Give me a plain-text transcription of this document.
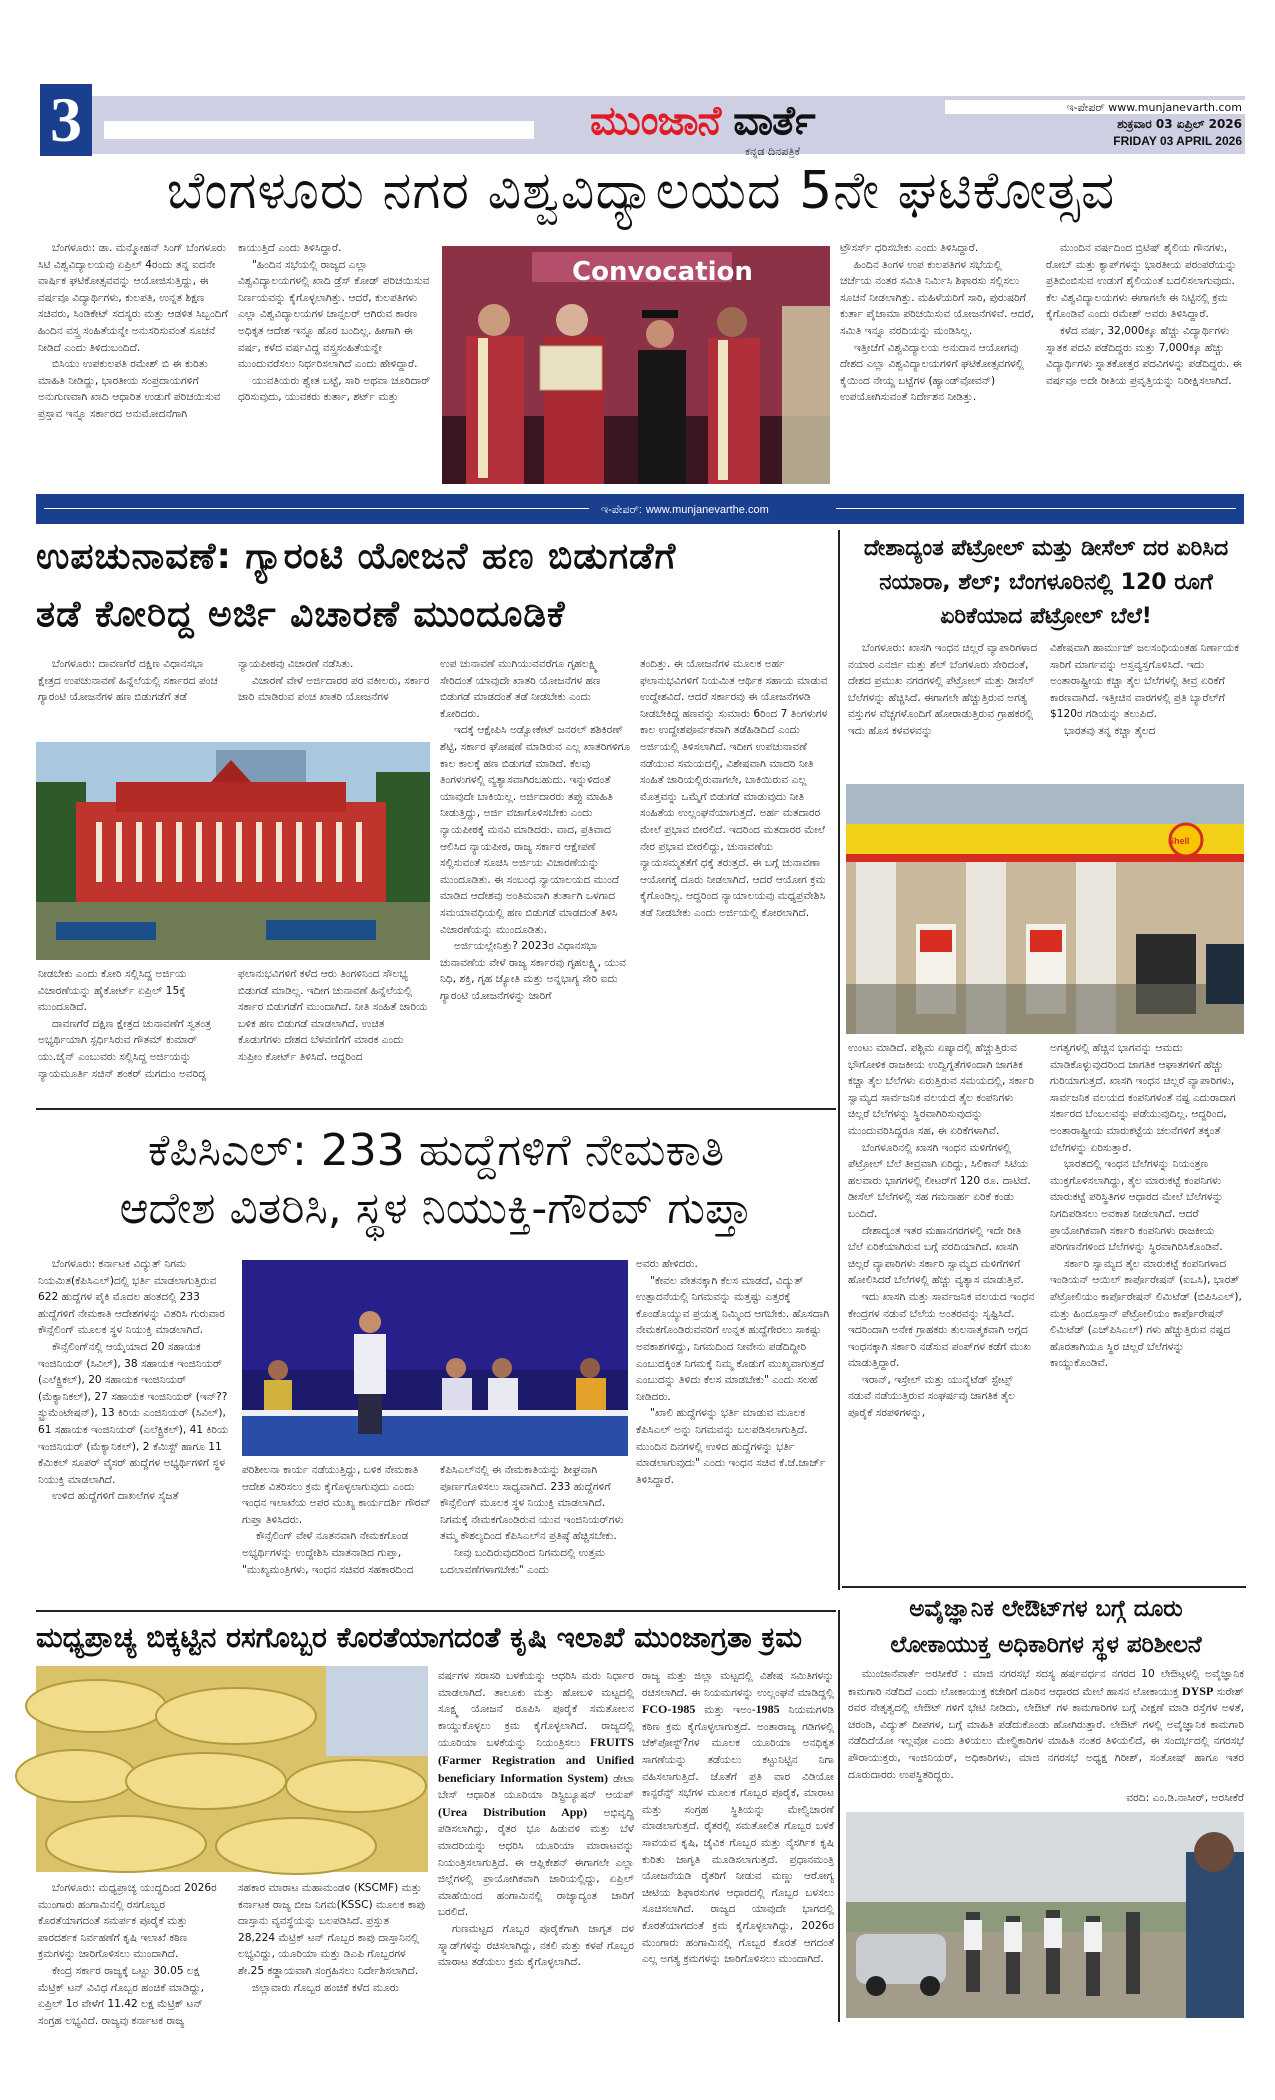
3	ಮುಂಜಾನೆ ವಾರ್ತೆ
ಕನ್ನಡ ದಿನಪತ್ರಿಕೆ
ಇ-ಪೇಪರ್ www.munjanevarth.com
ಶುಕ್ರವಾರ 03 ಏಪ್ರಿಲ್ 2026
FRIDAY 03 APRIL 2026
ಬೆಂಗಳೂರು ನಗರ ವಿಶ್ವವಿದ್ಯಾಲಯದ 5ನೇ ಘಟಿಕೋತ್ಸವ

ಬೆಂಗಳೂರು: ಡಾ. ಮನ್ಮೋಹನ್ ಸಿಂಗ್ ಬೆಂಗಳೂರು ಸಿಟಿ ವಿಶ್ವವಿದ್ಯಾಲಯವು ಏಪ್ರಿಲ್ 4ರಂದು ತನ್ನ ಐದನೇ ವಾರ್ಷಿಕ ಘಟಿಕೋತ್ಸವವನ್ನು ಆಯೋಜಿಸುತ್ತಿದ್ದು, ಈ ವರ್ಷವೂ ವಿದ್ಯಾರ್ಥಿಗಳು, ಕುಲಪತಿ, ಉನ್ನತ ಶಿಕ್ಷಣ ಸಚಿವರು, ಸಿಂಡಿಕೇಟ್ ಸದಸ್ಯರು ಮತ್ತು ಆಡಳಿತ ಸಿಬ್ಬಂದಿಗೆ ಹಿಂದಿನ ವಸ್ತ್ರ ಸಂಹಿತೆಯನ್ನೇ ಅನುಸರಿಸುವಂತೆ ಸೂಚನೆ ನೀಡಿದೆ ಎಂದು ತಿಳಿದುಬಂದಿದೆ.

ಬಿಸಿಯು ಉಪಕುಲಪತಿ ರಮೇಶ್ ಬಿ ಈ ಕುರಿತು ಮಾಹಿತಿ ನೀಡಿದ್ದು, ಭಾರತೀಯ ಸಂಪ್ರದಾಯಗಳಿಗೆ ಅನುಗುಣವಾಗಿ ಖಾದಿ ಆಧಾರಿತ ಉಡುಗೆ ಪರಿಚಯಿಸುವ ಪ್ರಸ್ತಾವ ಇನ್ನೂ ಸರ್ಕಾರದ ಅನುಮೋದನೆಗಾಗಿ

ಕಾಯುತ್ತಿದೆ ಎಂದು ತಿಳಿಸಿದ್ದಾರೆ.

"ಹಿಂದಿನ ಸಭೆಯಲ್ಲಿ ರಾಜ್ಯದ ಎಲ್ಲಾ ವಿಶ್ವವಿದ್ಯಾಲಯಗಳಲ್ಲಿ ಖಾದಿ ಡ್ರೆಸ್ ಕೋಡ್ ಪರಿಚಯಿಸುವ ನಿರ್ಣಯವನ್ನು ಕೈಗೊಳ್ಳಲಾಗಿತ್ತು. ಆದರೆ, ಕುಲಪತಿಗಳು ಎಲ್ಲಾ ವಿಶ್ವವಿದ್ಯಾಲಯಗಳ ಚಾನ್ಸಲರ್ ಆಗಿರುವ ಕಾರಣ ಅಧಿಕೃತ ಆದೇಶ ಇನ್ನೂ ಹೊರ ಬಂದಿಲ್ಲ. ಹೀಗಾಗಿ ಈ ವರ್ಷ, ಕಳೆದ ವರ್ಷವಿದ್ದ ವಸ್ತ್ರಸಂಹಿತೆಯನ್ನೇ ಮುಂದುವರೆಸಲು ನಿರ್ಧರಿಸಲಾಗಿದೆ ಎಂದು ಹೇಳಿದ್ದಾರೆ.

ಯುವತಿಯರು ಶ್ವೇತ ಬಟ್ಟೆ, ಸಾರಿ ಅಥವಾ ಚೂರಿದಾರ್ ಧರಿಸುವುದು, ಯುವಕರು ಕುರ್ತಾ, ಶರ್ಟ್ ಮತ್ತು

Convocation

ಟ್ರೌಸರ್ಸ್ ಧರಿಸಬೇಕು ಎಂದು ತಿಳಿಸಿದ್ದಾರೆ.

ಹಿಂದಿನ ತಿಂಗಳ ಉಪ ಕುಲಪತಿಗಳ ಸಭೆಯಲ್ಲಿ ಚರ್ಚೆಯ ನಂತರ ಸಮಿತಿ ನಿರ್ಮಿಸಿ ಶಿಫಾರಸು ಸಲ್ಲಿಸಲು ಸೂಚನೆ ನೀಡಲಾಗಿತ್ತು. ಮಹಿಳೆಯರಿಗೆ ಸಾರಿ, ಪುರುಷರಿಗೆ ಕುರ್ತಾ ಪೈಜಾಮಾ ಪರಿಚಯಿಸುವ ಯೋಜನೆಗಳಿವೆ. ಆದರೆ, ಸಮಿತಿ ಇನ್ನೂ ವರದಿಯನ್ನು ಮಂಡಿಸಿಲ್ಲ.

ಇತ್ತೀಚೆಗೆ ವಿಶ್ವವಿದ್ಯಾಲಯ ಅನುದಾನ ಆಯೋಗವು ದೇಶದ ಎಲ್ಲಾ ವಿಶ್ವವಿದ್ಯಾಲಯಗಳಿಗೆ ಘಟಿಕೋತ್ಸವಗಳಲ್ಲಿ ಕೈಯಿಂದ ನೇಯ್ದ ಬಟ್ಟೆಗಳ (ಹ್ಯಾಂಡ್‌ವೋವನ್) ಉಪಯೋಗಿಸುವಂತೆ ನಿರ್ದೇಶನ ನೀಡಿತ್ತು.

ಮುಂದಿನ ವರ್ಷದಿಂದ ಬ್ರಿಟಿಷ್ ಶೈಲಿಯ ಗೌನಗಳು, ರೋಬ್ ಮತ್ತು ಕ್ಯಾಪ್‌ಗಳನ್ನು ಭಾರತೀಯ ಪರಂಪರೆಯನ್ನು ಪ್ರತಿಬಿಂಬಿಸುವ ಉಡುಗೆ ಶೈಲಿಯಂತೆ ಬದಲಿಸಲಾಗುವುದು. ಕೆಲ ವಿಶ್ವವಿದ್ಯಾಲಯಗಳು ಈಗಾಗಲೇ ಈ ನಿಟ್ಟಿನಲ್ಲಿ ಕ್ರಮ ಕೈಗೊಂಡಿವೆ ಎಂದು ರಮೇಶ್ ಅವರು ತಿಳಿಸಿದ್ದಾರೆ.

ಕಳೆದ ವರ್ಷ, 32,000ಕ್ಕೂ ಹೆಚ್ಚು ವಿದ್ಯಾರ್ಥಿಗಳು ಸ್ನಾತಕ ಪದವಿ ಪಡೆದಿದ್ದರು ಮತ್ತು 7,000ಕ್ಕೂ ಹೆಚ್ಚು ವಿದ್ಯಾರ್ಥಿಗಳು ಸ್ನಾತಕೋತ್ತರ ಪದವಿಗಳನ್ನು ಪಡೆದಿದ್ದರು. ಈ ವರ್ಷವೂ ಅದೇ ರೀತಿಯ ಪ್ರವೃತ್ತಿಯನ್ನು ನಿರೀಕ್ಷಿಸಲಾಗಿದೆ.

ಇ-ಪೇಪರ್: www.munjanevarthe.com
ಉಪಚುನಾವಣೆ: ಗ್ಯಾರಂಟಿ ಯೋಜನೆ ಹಣ ಬಿಡುಗಡೆಗೆ
ತಡೆ ಕೋರಿದ್ದ ಅರ್ಜಿ ವಿಚಾರಣೆ ಮುಂದೂಡಿಕೆ

ಬೆಂಗಳೂರು: ದಾವಣಗೆರೆ ದಕ್ಷಿಣ ವಿಧಾನಸಭಾ ಕ್ಷೇತ್ರದ ಉಪಚುನಾವಣೆ ಹಿನ್ನೆಲೆಯಲ್ಲಿ ಸರ್ಕಾರದ ಪಂಚ ಗ್ಯಾರಂಟಿ ಯೋಜನೆಗಳ ಹಣ ಬಿಡುಗಡೆಗೆ ತಡೆ

ನ್ಯಾಯಪೀಠವು ವಿಚಾರಣೆ ನಡೆಸಿತು.

ವಿಚಾರಣೆ ವೇಳೆ ಅರ್ಜಿದಾರರ ಪರ ವಕೀಲರು, ಸರ್ಕಾರ ಜಾರಿ ಮಾಡಿರುವ ಪಂಚ ಖಾತರಿ ಯೋಜನೆಗಳ

ನೀಡಬೇಕು ಎಂದು ಕೋರಿ ಸಲ್ಲಿಸಿದ್ದ ಅರ್ಜಿಯ ವಿಚಾರಣೆಯನ್ನು ಹೈಕೋರ್ಟ್ ಏಪ್ರಿಲ್ 15ಕ್ಕೆ ಮುಂದೂಡಿದೆ.

ದಾವಣಗೆರೆ ದಕ್ಷಿಣ ಕ್ಷೇತ್ರದ ಚುನಾವಣೆಗೆ ಸ್ವತಂತ್ರ ಅಭ್ಯರ್ಥಿಯಾಗಿ ಸ್ಪರ್ಧಿಸಿರುವ ಗೌತಮ್ ಕುಮಾರ್ ಯು.ಜೈನ್ ಎಂಬುವರು ಸಲ್ಲಿಸಿದ್ದ ಅರ್ಜಿಯನ್ನು ನ್ಯಾಯಮೂರ್ತಿ ಸಚಿನ್ ಶಂಕರ್ ಮಗದುಂ ಅವರಿದ್ದ

ಫಲಾನುಭವಿಗಳಿಗೆ ಕಳೆದ ಆರು ತಿಂಗಳಿನಿಂದ ಸೌಲಭ್ಯ ಬಿಡುಗಡೆ ಮಾಡಿಲ್ಲ. ಇದೀಗ ಚುನಾವಣೆ ಹಿನ್ನೆಲೆಯಲ್ಲಿ ಸರ್ಕಾರ ಬಿಡುಗಡೆಗೆ ಮುಂದಾಗಿದೆ. ನೀತಿ ಸಂಹಿತೆ ಜಾರಿಯ ಬಳಿಕ ಹಣ ಬಿಡುಗಡೆ ಮಾಡಲಾಗಿದೆ. ಉಚಿತ ಕೊಡುಗೆಗಳು ದೇಶದ ಬೆಳವಣಿಗೆಗೆ ಮಾರಕ ಎಂದು ಸುಪ್ರೀಂ ಕೋರ್ಟ್ ತಿಳಿಸಿದೆ. ಆದ್ದರಿಂದ

ಉಪ ಚುನಾವಣೆ ಮುಗಿಯುವವರೆಗೂ ಗೃಹಲಕ್ಷ್ಮಿ ಸೇರಿದಂತೆ ಯಾವುದೇ ಖಾತರಿ ಯೋಜನೆಗಳ ಹಣ ಬಿಡುಗಡೆ ಮಾಡದಂತೆ ತಡೆ ನೀಡಬೇಕು ಎಂದು ಕೋರಿದರು.

ಇದಕ್ಕೆ ಆಕ್ಷೇಪಿಸಿ ಅಡ್ವೋಕೇಟ್ ಜನರಲ್ ಶಶಿಕಿರಣ್ ಶೆಟ್ಟಿ, ಸರ್ಕಾರ ಘೋಷಣೆ ಮಾಡಿರುವ ಎಲ್ಲ ಖಾತರಿಗಳಿಗೂ ಕಾಲ ಕಾಲಕ್ಕೆ ಹಣ ಬಿಡುಗಡೆ ಮಾಡಿದೆ. ಕೆಲವು ತಿಂಗಳುಗಳಲ್ಲಿ ವ್ಯತ್ಯಾಸವಾಗಿರಬಹುದು. ಇನ್ನುಳಿದಂತೆ ಯಾವುದೇ ಬಾಕಿಯಿಲ್ಲ. ಅರ್ಜಿದಾರರು ತಪ್ಪು ಮಾಹಿತಿ ನೀಡುತ್ತಿದ್ದು, ಅರ್ಜಿ ವಜಾಗೊಳಿಸಬೇಕು ಎಂದು ನ್ಯಾಯಪೀಠಕ್ಕೆ ಮನವಿ ಮಾಡಿದರು. ವಾದ, ಪ್ರತಿವಾದ ಆಲಿಸಿದ ನ್ಯಾಯಪೀಠ, ರಾಜ್ಯ ಸರ್ಕಾರ ಆಕ್ಷೇಪಣೆ ಸಲ್ಲಿಸುವಂತೆ ಸೂಚಿಸಿ ಅರ್ಜಿಯ ವಿಚಾರಣೆಯನ್ನು ಮುಂದೂಡಿತು. ಈ ಸಂಬಂಧ ನ್ಯಾಯಾಲಯದ ಮುಂದೆ ಮಾಡಿದ ಆದೇಶವು ಅಂತಿಮವಾಗಿ ತುರ್ತಾಗಿ ಒಳಗಾದ ಸಮಯಾವಧಿಯಲ್ಲಿ ಹಣ ಬಿಡುಗಡೆ ಮಾಡದಂತೆ ತಿಳಿಸಿ ವಿಚಾರಣೆಯನ್ನು ಮುಂದೂಡಿತು.

ಅರ್ಜಿಯಲ್ಲೇನಿತ್ತು? 2023ರ ವಿಧಾನಸಭಾ ಚುನಾವಣೆಯ ವೇಳೆ ರಾಜ್ಯ ಸರ್ಕಾರವು ಗೃಹಲಕ್ಷ್ಮಿ, ಯುವ ನಿಧಿ, ಶಕ್ತಿ, ಗೃಹ ಜ್ಯೋತಿ ಮತ್ತು ಅನ್ನಭಾಗ್ಯ ಸೇರಿ ಐದು ಗ್ಯಾರಂಟಿ ಯೋಜನೆಗಳನ್ನು ಜಾರಿಗೆ

ತಂದಿತ್ತು. ಈ ಯೋಜನೆಗಳ ಮೂಲಕ ಅರ್ಹ ಫಲಾನುಭವಿಗಳಿಗೆ ನಿಯಮಿತ ಆರ್ಥಿಕ ಸಹಾಯ ಮಾಡುವ ಉದ್ದೇಶವಿದೆ. ಆದರೆ ಸರ್ಕಾರವು ಈ ಯೋಜನೆಗಳಡಿ ನೀಡಬೇಕಿದ್ದ ಹಣವನ್ನು ಸುಮಾರು 6ರಿಂದ 7 ತಿಂಗಳುಗಳ ಕಾಲ ಉದ್ದೇಶಪೂರ್ವಕವಾಗಿ ತಡೆಹಿಡಿದಿದೆ ಎಂದು ಅರ್ಜಿಯಲ್ಲಿ ತಿಳಿಸಲಾಗಿದೆ. ಇದೀಗ ಉಪಚುನಾವಣೆ ನಡೆಯುವ ಸಮಯದಲ್ಲಿ, ವಿಶೇಷವಾಗಿ ಮಾದರಿ ನೀತಿ ಸಂಹಿತೆ ಜಾರಿಯಲ್ಲಿರುವಾಗಲೇ, ಬಾಕಿಯಿರುವ ಎಲ್ಲ ಮೊತ್ತವನ್ನು ಒಮ್ಮೆಗೆ ಬಿಡುಗಡೆ ಮಾಡುವುದು ನೀತಿ ಸಂಹಿತೆಯ ಉಲ್ಲಂಘನೆಯಾಗುತ್ತದೆ. ಅರ್ಹ ಮತದಾರರ ಮೇಲೆ ಪ್ರಭಾವ ಬೀರಲಿದೆ. ಇದರಿಂದ ಮತದಾರರ ಮೇಲೆ ನೇರ ಪ್ರಭಾವ ಬೀರಲಿದ್ದು, ಚುನಾವಣೆಯ ನ್ಯಾಯಸಮ್ಮತತೆಗೆ ಧಕ್ಕೆ ತರುತ್ತದೆ. ಈ ಬಗ್ಗೆ ಚುನಾವಣಾ ಆಯೋಗಕ್ಕೆ ದೂರು ನೀಡಲಾಗಿದೆ. ಆದರೆ ಆಯೋಗ ಕ್ರಮ ಕೈಗೊಂಡಿಲ್ಲ. ಆದ್ದರಿಂದ ನ್ಯಾಯಾಲಯವು ಮಧ್ಯಪ್ರವೇಶಿಸಿ ತಡೆ ನೀಡಬೇಕು ಎಂದು ಅರ್ಜಿಯಲ್ಲಿ ಕೋರಲಾಗಿದೆ.

ದೇಶಾದ್ಯಂತ ಪೆಟ್ರೋಲ್ ಮತ್ತು ಡೀಸೆಲ್ ದರ ಏರಿಸಿದ ನಯಾರಾ, ಶೆಲ್; ಬೆಂಗಳೂರಿನಲ್ಲಿ 120 ರೂಗೆ ಏರಿಕೆಯಾದ ಪೆಟ್ರೋಲ್ ಬೆಲೆ!

ಬೆಂಗಳೂರು: ಖಾಸಗಿ ಇಂಧನ ಚಿಲ್ಲರೆ ವ್ಯಾಪಾರಿಗಳಾದ ನಯಾರ ಎನರ್ಜಿ ಮತ್ತು ಶೆಲ್ ಬೆಂಗಳೂರು ಸೇರಿದಂತೆ, ದೇಶದ ಪ್ರಮುಖ ನಗರಗಳಲ್ಲಿ ಪೆಟ್ರೋಲ್ ಮತ್ತು ಡೀಸೆಲ್ ಬೆಲೆಗಳನ್ನು ಹೆಚ್ಚಿಸಿದೆ. ಈಗಾಗಲೇ ಹೆಚ್ಚುತ್ತಿರುವ ಅಗತ್ಯ ವಸ್ತುಗಳ ವೆಚ್ಚಗಳೊಂದಿಗೆ ಹೋರಾಡುತ್ತಿರುವ ಗ್ರಾಹಕರಲ್ಲಿ ಇದು ಹೊಸ ಕಳವಳವನ್ನು

ವಿಶೇಷವಾಗಿ ಹಾರ್ಮುಜ್ ಜಲಸಂಧಿಯಂತಹ ನಿರ್ಣಾಯಕ ಸಾರಿಗೆ ಮಾರ್ಗವನ್ನು ಅಸ್ತವ್ಯಸ್ತಗೊಳಿಸಿದೆ. ಇದು ಅಂತಾರಾಷ್ಟ್ರೀಯ ಕಚ್ಚಾ ತೈಲ ಬೆಲೆಗಳಲ್ಲಿ ತೀವ್ರ ಏರಿಕೆಗೆ ಕಾರಣವಾಗಿದೆ. ಇತ್ತೀಚಿನ ವಾರಗಳಲ್ಲಿ ಪ್ರತಿ ಬ್ಯಾರೆಲ್‌ಗೆ $120ರ ಗಡಿಯನ್ನು ತಲುಪಿದೆ.

ಭಾರತವು ತನ್ನ ಕಚ್ಚಾ ತೈಲದ

Shell

ಉಂಟು ಮಾಡಿದೆ. ಪಶ್ಚಿಮ ಏಷ್ಯಾದಲ್ಲಿ ಹೆಚ್ಚುತ್ತಿರುವ ಭೌಗೋಳಿಕ ರಾಜಕೀಯ ಉದ್ವಿಗ್ನತೆಗಳಿಂದಾಗಿ ಜಾಗತಿಕ ಕಚ್ಚಾ ತೈಲ ಬೆಲೆಗಳು ಏರುತ್ತಿರುವ ಸಮಯದಲ್ಲಿ, ಸರ್ಕಾರಿ ಸ್ವಾಮ್ಯದ ಸಾರ್ವಜನಿಕ ವಲಯದ ತೈಲ ಕಂಪನಿಗಳು ಚಿಲ್ಲರೆ ಬೆಲೆಗಳನ್ನು ಸ್ಥಿರವಾಗಿರಿಸುವುದನ್ನು ಮುಂದುವರಿಸಿದ್ದರೂ ಸಹ, ಈ ಏರಿಕೆಗಳಾಗಿವೆ.

ಬೆಂಗಳೂರಿನಲ್ಲಿ ಖಾಸಗಿ ಇಂಧನ ಮಳಿಗೆಗಳಲ್ಲಿ ಪೆಟ್ರೋಲ್ ಬೆಲೆ ತೀವ್ರವಾಗಿ ಏರಿದ್ದು, ಸಿಲಿಕಾನ್ ಸಿಟಿಯ ಹಲವಾರು ಭಾಗಗಳಲ್ಲಿ ಲೀಟರ್‌ಗೆ 120 ರೂ. ದಾಟಿದೆ. ಡೀಸೆಲ್ ಬೆಲೆಗಳಲ್ಲಿ ಸಹ ಗಮನಾರ್ಹ ಏರಿಕೆ ಕಂಡು ಬಂದಿದೆ.

ದೇಶಾದ್ಯಂತ ಇತರ ಮಹಾನಗರಗಳಲ್ಲಿ ಇದೇ ರೀತಿ ಬೆಲೆ ಏರಿಕೆಯಾಗಿರುವ ಬಗ್ಗೆ ವರದಿಯಾಗಿದೆ. ಖಾಸಗಿ ಚಿಲ್ಲರೆ ವ್ಯಾಪಾರಿಗಳು ಸರ್ಕಾರಿ ಸ್ವಾಮ್ಯದ ಮಳಿಗೆಗಳಿಗೆ ಹೋಲಿಸಿದರೆ ಬೆಲೆಗಳಲ್ಲಿ ಹೆಚ್ಚು ವ್ಯತ್ಯಾಸ ಮಾಡುತ್ತಿವೆ.

ಇದು ಖಾಸಗಿ ಮತ್ತು ಸಾರ್ವಜನಿಕ ವಲಯದ ಇಂಧನ ಕೇಂದ್ರಗಳ ನಡುವೆ ಬೆಲೆಯ ಅಂತರವನ್ನು ಸೃಷ್ಟಿಸಿದೆ. ಇದರಿಂದಾಗಿ ಅನೇಕ ಗ್ರಾಹಕರು ತುಲನಾತ್ಮಕವಾಗಿ ಅಗ್ಗದ ಇಂಧನಕ್ಕಾಗಿ ಸರ್ಕಾರಿ ನಡೆಸುವ ಪಂಪ್‌ಗಳ ಕಡೆಗೆ ಮುಖ ಮಾಡುತ್ತಿದ್ದಾರೆ.

ಇರಾನ್, ಇಸ್ರೇಲ್ ಮತ್ತು ಯುನೈಟೆಡ್ ಸ್ಟೇಟ್ಸ್ ನಡುವೆ ನಡೆಯುತ್ತಿರುವ ಸಂಘರ್ಷವು ಜಾಗತಿಕ ತೈಲ ಪೂರೈಕೆ ಸರಪಳಿಗಳನ್ನು,

ಅಗತ್ಯಗಳಲ್ಲಿ ಹೆಚ್ಚಿನ ಭಾಗವನ್ನು ಆಮದು ಮಾಡಿಕೊಳ್ಳುವುದರಿಂದ ಜಾಗತಿಕ ಆಘಾತಗಳಿಗೆ ಹೆಚ್ಚು ಗುರಿಯಾಗುತ್ತದೆ. ಖಾಸಗಿ ಇಂಧನ ಚಿಲ್ಲರೆ ವ್ಯಾಪಾರಿಗಳು, ಸಾರ್ವಜನಿಕ ವಲಯದ ಕಂಪನಿಗಳಂತೆ ನಷ್ಟ ಎದುರಾದಾಗ ಸರ್ಕಾರದ ಬೆಂಬಲವನ್ನು ಪಡೆಯುವುದಿಲ್ಲ. ಆದ್ದರಿಂದ, ಅಂತಾರಾಷ್ಟ್ರೀಯ ಮಾರುಕಟ್ಟೆಯ ಚಲನೆಗಳಿಗೆ ತಕ್ಕಂತೆ ಬೆಲೆಗಳನ್ನು ಏರಿಸುತ್ತಾರೆ.

ಭಾರತದಲ್ಲಿ ಇಂಧನ ಬೆಲೆಗಳನ್ನು ನಿಯಂತ್ರಣ ಮುಕ್ತಗೊಳಿಸಲಾಗಿದ್ದು, ತೈಲ ಮಾರುಕಟ್ಟೆ ಕಂಪನಿಗಳು ಮಾರುಕಟ್ಟೆ ಪರಿಸ್ಥಿತಿಗಳ ಆಧಾರದ ಮೇಲೆ ಬೆಲೆಗಳನ್ನು ನಿಗದಿಪಡಿಸಲು ಅವಕಾಶ ನೀಡಲಾಗಿದೆ. ಆದರೆ ಪ್ರಾಯೋಗಿಕವಾಗಿ ಸರ್ಕಾರಿ ಕಂಪನಿಗಳು ರಾಜಕೀಯ ಪರಿಗಣನೆಗಳಿಂದ ಬೆಲೆಗಳನ್ನು ಸ್ಥಿರವಾಗಿರಿಸಿಕೊಂಡಿವೆ.

ಸರ್ಕಾರಿ ಸ್ವಾಮ್ಯದ ತೈಲ ಮಾರುಕಟ್ಟೆ ಕಂಪನಿಗಳಾದ ಇಂಡಿಯನ್ ಆಯಿಲ್ ಕಾರ್ಪೊರೇಷನ್ (ಐಒಸಿ), ಭಾರತ್ ಪೆಟ್ರೋಲಿಯಂ ಕಾರ್ಪೊರೇಷನ್ ಲಿಮಿಟೆಡ್ (ಬಿಪಿಸಿಎಲ್), ಮತ್ತು ಹಿಂದೂಸ್ತಾನ್ ಪೆಟ್ರೋಲಿಯಂ ಕಾರ್ಪೊರೇಷನ್ ಲಿಮಿಟೆಡ್ (ಎಚ್‌ಪಿಸಿಎಲ್) ಗಳು ಹೆಚ್ಚುತ್ತಿರುವ ನಷ್ಟದ ಹೊರತಾಗಿಯೂ ಸ್ಥಿರ ಚಿಲ್ಲರೆ ಬೆಲೆಗಳನ್ನು ಕಾಯ್ದುಕೊಂಡಿವೆ.

ಕೆಪಿಸಿಎಲ್: 233 ಹುದ್ದೆಗಳಿಗೆ ನೇಮಕಾತಿ
ಆದೇಶ ವಿತರಿಸಿ, ಸ್ಥಳ ನಿಯುಕ್ತಿ-ಗೌರವ್ ಗುಪ್ತಾ

ಬೆಂಗಳೂರು: ಕರ್ನಾಟಕ ವಿದ್ಯುತ್ ನಿಗಮ ನಿಯಮಿತ(ಕೆಪಿಸಿಎಲ್)ದಲ್ಲಿ ಭರ್ತಿ ಮಾಡಲಾಗುತ್ತಿರುವ 622 ಹುದ್ದೆಗಳ ಪೈಕಿ ಮೊದಲ ಹಂತದಲ್ಲಿ 233 ಹುದ್ದೆಗಳಿಗೆ ನೇಮಕಾತಿ ಆದೇಶಗಳನ್ನು ವಿತರಿಸಿ ಗುರುವಾರ ಕೌನ್ಸೆಲಿಂಗ್ ಮೂಲಕ ಸ್ಥಳ ನಿಯುಕ್ತಿ ಮಾಡಲಾಗಿದೆ.

ಕೌನ್ಸೆಲಿಂಗ್‌ನಲ್ಲಿ ಆಯ್ಕೆಯಾದ 20 ಸಹಾಯಕ ಇಂಜಿನಿಯರ್ (ಸಿವಿಲ್), 38 ಸಹಾಯಕ ಇಂಜಿನಿಯರ್ (ಎಲೆಕ್ಟ್ರಿಕಲ್), 20 ಸಹಾಯಕ ಇಂಜಿನಿಯರ್ (ಮೆಕ್ಯಾನಿಕಲ್), 27 ಸಹಾಯಕ ಇಂಜಿನಿಯರ್ (ಇನ್??ಸ್ಟ್ರುಮೆಂಟೇಷನ್), 13 ಕಿರಿಯ ಎಂಜಿನಿಯರ್ (ಸಿವಿಲ್), 61 ಸಹಾಯಕ ಇಂಜಿನಿಯರ್ (ಎಲೆಕ್ಟ್ರಿಕಲ್), 41 ಕಿರಿಯ ಇಂಜಿನಿಯರ್ (ಮೆಕ್ಯಾನಿಕಲ್), 2 ಕೆಮಿಸ್ಟ್ ಹಾಗೂ 11 ಕೆಮಿಕಲ್ ಸೂಪರ್ ವೈಸರ್ ಹುದ್ದೆಗಳ ಅಭ್ಯರ್ಥಿಗಳಿಗೆ ಸ್ಥಳ ನಿಯುಕ್ತಿ ಮಾಡಲಾಗಿದೆ.

ಉಳಿದ ಹುದ್ದೆಗಳಿಗೆ ದಾಖಲೆಗಳ ಸೈಜತೆ

ಪರಿಶೀಲನಾ ಕಾರ್ಯ ನಡೆಯುತ್ತಿದ್ದು, ಬಳಿಕ ನೇಮಕಾತಿ ಆದೇಶ ವಿತರಿಸಲು ಕ್ರಮ ಕೈಗೊಳ್ಳಲಾಗುವುದು ಎಂದು ಇಂಧನ ಇಲಾಖೆಯ ಅಪರ ಮುಖ್ಯ ಕಾರ್ಯದರ್ಶಿ ಗೌರವ್ ಗುಪ್ತಾ ತಿಳಿಸಿದರು.

ಕೌನ್ಸೆಲಿಂಗ್ ವೇಳೆ ನೂತನವಾಗಿ ನೇಮಕಗೊಂಡ ಅಭ್ಯರ್ಥಿಗಳನ್ನು ಉದ್ದೇಶಿಸಿ ಮಾತನಾಡಿದ ಗುಪ್ತಾ, "ಮುಖ್ಯಮಂತ್ರಿಗಳು, ಇಂಧನ ಸಚಿವರ ಸಹಕಾರದಿಂದ

ಕೆಪಿಸಿಎಲ್‌ನಲ್ಲಿ ಈ ನೇಮಕಾತಿಯನ್ನು ಶೀಘ್ರವಾಗಿ ಪೂರ್ಣಗೊಳಿಸಲು ಸಾಧ್ಯವಾಗಿದೆ. 233 ಹುದ್ದೆಗಳಿಗೆ ಕೌನ್ಸೆಲಿಂಗ್ ಮೂಲಕ ಸ್ಥಳ ನಿಯುಕ್ತಿ ಮಾಡಲಾಗಿದೆ. ನಿಗಮಕ್ಕೆ ನೇಮಕಗೊಂಡಿರುವ ಯುವ ಇಂಜಿನಿಯರ್‌ಗಳು ತಮ್ಮ ಕೌಶಲ್ಯದಿಂದ ಕೆಪಿಸಿಎಲ್‌ನ ಪ್ರತಿಷ್ಠೆ ಹೆಚ್ಚಿಸಬೇಕು.

ನೀವು ಬಂದಿರುವುದರಿಂದ ನಿಗಮದಲ್ಲಿ ಉತ್ತಮ ಬದಲಾವಣೆಗಳಾಗಬೇಕು" ಎಂದು

ಅವರು ಹೇಳಿದರು.

"ಕೇವಲ ವೇತನಕ್ಕಾಗಿ ಕೆಲಸ ಮಾಡದೆ, ವಿದ್ಯುತ್ ಉತ್ಪಾದನೆಯಲ್ಲಿ ನಿಗಮವನ್ನು ಮತ್ತಷ್ಟು ಎತ್ತರಕ್ಕೆ ಕೊಂಡೊಯ್ಯುವ ಪ್ರಯತ್ನ ನಿಮ್ಮಿಂದ ಆಗಬೇಕು. ಹೊಸದಾಗಿ ನೇಮಕಗೊಂಡಿರುವವರಿಗೆ ಉನ್ನತ ಹುದ್ದೆಗೇರಲು ಸಾಕಷ್ಟು ಅವಕಾಶಗಳಿದ್ದು, ನಿಗಮದಿಂದ ನೀವೇನು ಪಡೆದಿದ್ದೀರಿ ಎಂಬುದಕ್ಕಿಂತ ನಿಗಮಕ್ಕೆ ನಿಮ್ಮ ಕೊಡುಗೆ ಮುಖ್ಯವಾಗುತ್ತದೆ ಎಂಬುದನ್ನು ತಿಳಿದು ಕೆಲಸ ಮಾಡಬೇಕು" ಎಂದು ಸಲಹೆ ನೀಡಿದರು.

"ಖಾಲಿ ಹುದ್ದೆಗಳನ್ನು ಭರ್ತಿ ಮಾಡುವ ಮೂಲಕ ಕೆಪಿಸಿಎಲ್ ಅನ್ನು ನಿಗಮವನ್ನು ಬಲಪಡಿಸಲಾಗುತ್ತಿದೆ. ಮುಂದಿನ ದಿನಗಳಲ್ಲಿ ಉಳಿದ ಹುದ್ದೆಗಳನ್ನು ಭರ್ತಿ ಮಾಡಲಾಗುವುದು" ಎಂದು ಇಂಧನ ಸಚಿವ ಕೆ.ಜೆ.ಜಾರ್ಜ್ ತಿಳಿಸಿದ್ದಾರೆ.

ಅವೈಜ್ಞಾನಿಕ ಲೇಔಟ್‌ಗಳ ಬಗ್ಗೆ ದೂರು
ಲೋಕಾಯುಕ್ತ ಅಧಿಕಾರಿಗಳ ಸ್ಥಳ ಪರಿಶೀಲನೆ

ಮುಂಜಾನೆವಾರ್ತೆ ಅರಸೀಕೆರೆ : ಮಾಜಿ ನಗರಸಭೆ ಸದಸ್ಯ ಹರ್ಷವರ್ಧನ ನಗರದ 10 ಲೇಔಟ್ಗಳಲ್ಲಿ ಅವೈಜ್ಞಾನಿಕ ಕಾಮಗಾರಿ ನಡೆದಿದೆ ಎಂದು ಲೋಕಾಯುಕ್ತ ಕಚೇರಿಗೆ ದೂರಿನ ಆಧಾರದ ಮೇಲೆ ಹಾಸನ ಲೋಕಾಯುಕ್ತ DYSP ಸುರೇಶ್ ರವರ ನೇತೃತ್ವದಲ್ಲಿ ಲೇಔಟ್ ಗಳಿಗೆ ಭೇಟಿ ನೀಡಿದು, ಲೇಔಟ್ ಗಳ ಕಾಮಗಾರಿಗಳ ಬಗ್ಗೆ ವೀಕ್ಷಣೆ ಮಾಡಿ ರಸ್ತೆಗಳ ಅಳತೆ, ಚರಂಡಿ, ವಿದ್ಯುತ್ ದೀಪಗಳ, ಬಗ್ಗೆ ಮಾಹಿತಿ ಪಡೆದುಕೊಂಡು ಹೋಗಿರುತ್ತಾರೆ. ಲೇಔಟ್ ಗಳಲ್ಲಿ ಅವೈಜ್ಞಾನಿಕ ಕಾಮಗಾರಿ ನಡೆದಿದೆಯೋ ಇಲ್ಲವೋ ಎಂದು ತಿಳಿಯಲು ಮೇಲ್ಧಿಕಾರಿಗಳ ಮಾಹಿತಿ ನಂತರ ತಿಳಿಯಲಿದೆ, ಈ ಸಂದರ್ಭದಲ್ಲಿ ನಗರಸಭೆ ಪೌರಾಯುಕ್ತರು, ಇಂಜಿನಿಯರ್, ಅಧಿಕಾರಿಗಳು, ಮಾಜಿ ನಗರಸಭೆ ಅಧ್ಯಕ್ಷ ಗಿರೀಶ್, ಸಂತೋಷ್ ಹಾಗೂ ಇತರ ದೂರುದಾರರು ಉಪಸ್ಥಿತರಿದ್ದರು.

ವರದಿ: ಎಂ.ಡಿ.ನಾಸೀರ್, ಅರಸೀಕೆರೆ
ಮಧ್ಯಪ್ರಾಚ್ಯ ಬಿಕ್ಕಟ್ಟಿನ ರಸಗೊಬ್ಬರ ಕೊರತೆಯಾಗದಂತೆ ಕೃಷಿ ಇಲಾಖೆ ಮುಂಜಾಗ್ರತಾ ಕ್ರಮ

ಬೆಂಗಳೂರು: ಮಧ್ಯಪ್ರಾಚ್ಯ ಯುದ್ಧದಿಂದ 2026ರ ಮುಂಗಾರು ಹಂಗಾಮಿನಲ್ಲಿ ರಸಗೊಬ್ಬರ ಕೊರತೆಯಾಗದಂತೆ ಸಮರ್ಪಕ ಪೂರೈಕೆ ಮತ್ತು ಪಾರದರ್ಶಕ ನಿರ್ವಹಣೆಗೆ ಕೃಷಿ ಇಲಾಖೆ ಕಠಿಣ ಕ್ರಮಗಳನ್ನು ಜಾರಿಗೊಳಿಸಲು ಮುಂದಾಗಿದೆ.

ಕೇಂದ್ರ ಸರ್ಕಾರ ರಾಜ್ಯಕ್ಕೆ ಒಟ್ಟು 30.05 ಲಕ್ಷ ಮೆಟ್ರಿಕ್ ಟನ್ ವಿವಿಧ ಗೊಬ್ಬರ ಹಂಚಿಕೆ ಮಾಡಿದ್ದು, ಏಪ್ರಿಲ್ 1ರ ವೇಳೆಗೆ 11.42 ಲಕ್ಷ ಮೆಟ್ರಿಕ್ ಟನ್ ಸಂಗ್ರಹ ಲಭ್ಯವಿದೆ. ರಾಜ್ಯವು ಕರ್ನಾಟಕ ರಾಜ್ಯ

ಸಹಕಾರ ಮಾರಾಟ ಮಹಾಮಂಡಳಿ (KSCMF) ಮತ್ತು ಕರ್ನಾಟಕ ರಾಜ್ಯ ಬೀಜ ನಿಗಮ(KSSC) ಮೂಲಕ ಕಾಪು ದಾಸ್ತಾನು ವ್ಯವಸ್ಥೆಯನ್ನು ಬಲಪಡಿಸಿದೆ. ಪ್ರಸ್ತುತ 28,224 ಮೆಟ್ರಿಕ್ ಟನ್ ಗೊಬ್ಬರ ಕಾಪು ದಾಸ್ತಾನಿನಲ್ಲಿ ಲಭ್ಯವಿದ್ದು, ಯೂರಿಯಾ ಮತ್ತು ಡಿಎಪಿ ಗೊಬ್ಬರಗಳ ಶೇ.25 ಕಡ್ಡಾಯವಾಗಿ ಸಂಗ್ರಹಿಸಲು ನಿರ್ದೇಶಿಸಲಾಗಿದೆ.

ಜಿಲ್ಲಾವಾರು ಗೊಬ್ಬರ ಹಂಚಿಕೆ ಕಳೆದ ಮೂರು

ವರ್ಷಗಳ ಸರಾಸರಿ ಬಳಕೆಯನ್ನು ಆಧರಿಸಿ ಮರು ನಿರ್ಧಾರ ಮಾಡಲಾಗಿದೆ. ತಾಲೂಕು ಮತ್ತು ಹೋಬಳಿ ಮಟ್ಟದಲ್ಲಿ ಸೂಕ್ಷ್ಮ ಯೋಜನೆ ರೂಪಿಸಿ ಪೂರೈಕೆ ಸಮತೋಲನ ಕಾಯ್ದುಕೊಳ್ಳಲು ಕ್ರಮ ಕೈಗೊಳ್ಳಲಾಗಿದೆ. ರಾಜ್ಯದಲ್ಲಿ ಯೂರಿಯಾ ಬಳಕೆಯನ್ನು ನಿಯಂತ್ರಿಸಲು FRUITS (Farmer Registration and Unified beneficiary Information System) ಡೇಟಾ ಬೇಸ್ ಆಧಾರಿತ ಯೂರಿಯಾ ಡಿಸ್ಟ್ರಿಬ್ಯೂಷನ್ ಆಯಪ್ (Urea Distribution App) ಅಭಿವೃದ್ಧಿ ಪಡಿಸಲಾಗಿದ್ದು, ರೈತರ ಭೂ ಹಿಡುವಳಿ ಮತ್ತು ಬೆಳೆ ಮಾದರಿಯನ್ನು ಆಧರಿಸಿ ಯೂರಿಯಾ ಮಾರಾಟವನ್ನು ನಿಯಂತ್ರಿಸಲಾಗುತ್ತಿದೆ. ಈ ಆಪ್ಲಿಕೇಶನ್ ಈಗಾಗಲೇ ಎಲ್ಲಾ ಜಿಲ್ಲೆಗಳಲ್ಲಿ ಪ್ರಾಯೋಗಿಕವಾಗಿ ಜಾರಿಯಲ್ಲಿದ್ದು, ಏಪ್ರಿಲ್ ಮಾಹೆಯಿಂದ ಹಂಗಾಮಿನಲ್ಲಿ ರಾಜ್ಯಾದ್ಯಂತ ಜಾರಿಗೆ ಬರಲಿದೆ.

ಗುಣಮಟ್ಟದ ಗೊಬ್ಬರ ಪೂರೈಕೆಗಾಗಿ ಜಾಗೃತ ದಳ ಸ್ಕ್ವಾಡ್‌ಗಳನ್ನು ರಚಿಸಲಾಗಿದ್ದು, ನಕಲಿ ಮತ್ತು ಕಳಪೆ ಗೊಬ್ಬರ ಮಾರಾಟ ತಡೆಯಲು ಕ್ರಮ ಕೈಗೊಳ್ಳಲಾಗಿದೆ.

ರಾಜ್ಯ ಮತ್ತು ಜಿಲ್ಲಾ ಮಟ್ಟದಲ್ಲಿ ವಿಶೇಷ ಸಮಿತಿಗಳನ್ನು ರಚಿಸಲಾಗಿದೆ. ಈ ನಿಯಮಗಳನ್ನು ಉಲ್ಲಂಘನೆ ಮಾಡಿದ್ದಲ್ಲಿ FCO-1985 ಮತ್ತು ಇಅಂ-1985 ನಿಯಮಗಳಡಿ ಕಠಿಣ ಕ್ರಮ ಕೈಗೊಳ್ಳಲಾಗುತ್ತದೆ. ಅಂತಾರಾಜ್ಯ ಗಡಿಗಳಲ್ಲಿ ಚೆಕ್‌ಪೋಸ್ಟ್?ಗಳ ಮೂಲಕ ಯೂರಿಯಾ ಅನಧಿಕೃತ ಸಾಗಣೆಯನ್ನು ತಡೆಯಲು ಕಟ್ಟುನಿಟ್ಟಿನ ನಿಗಾ ವಹಿಸಲಾಗುತ್ತಿದೆ. ಜೊತೆಗೆ ಪ್ರತಿ ವಾರ ವಿಡಿಯೋ ಕಾನ್ಫರೆನ್ಸ್ ಸಭೆಗಳ ಮೂಲಕ ಗೊಬ್ಬರ ಪೂರೈಕೆ, ಮಾರಾಟ ಮತ್ತು ಸಂಗ್ರಹ ಸ್ಥಿತಿಯನ್ನು ಮೇಲ್ವಿಚಾರಣೆ ಮಾಡಲಾಗುತ್ತದೆ. ರೈತರಲ್ಲಿ ಸಮತೋಲಿತ ಗೊಬ್ಬರ ಬಳಕೆ ಸಾವಯವ ಕೃಷಿ, ಜೈವಿಕ ಗೊಬ್ಬರ ಮತ್ತು ನೈಸರ್ಗಿಕ ಕೃಷಿ ಕುರಿತು ಜಾಗೃತಿ ಮೂಡಿಸಲಾಗುತ್ತದೆ. ಪ್ರಧಾನಮಂತ್ರಿ ಯೋಜನೆಯಡಿ ರೈತರಿಗೆ ನೀಡುವ ಮಣ್ಣು ಆರೋಗ್ಯ ಚೀಟಿಯ ಶಿಫಾರಸುಗಳ ಆಧಾರದಲ್ಲಿ ಗೊಬ್ಬರ ಬಳಸಲು ಸೂಚಿಸಲಾಗಿದೆ. ರಾಜ್ಯದ ಯಾವುದೇ ಭಾಗದಲ್ಲಿ ಕೊರತೆಯಾಗದಂತೆ ಕ್ರಮ ಕೈಗೊಳ್ಳಲಾಗಿದ್ದು, 2026ರ ಮುಂಗಾರು ಹಂಗಾಮಿನಲ್ಲಿ ಗೊಬ್ಬರ ಕೊರತೆ ಆಗದಂತೆ ಎಲ್ಲ ಅಗತ್ಯ ಕ್ರಮಗಳನ್ನು ಜಾರಿಗೊಳಿಸಲು ಮುಂದಾಗಿದೆ.
